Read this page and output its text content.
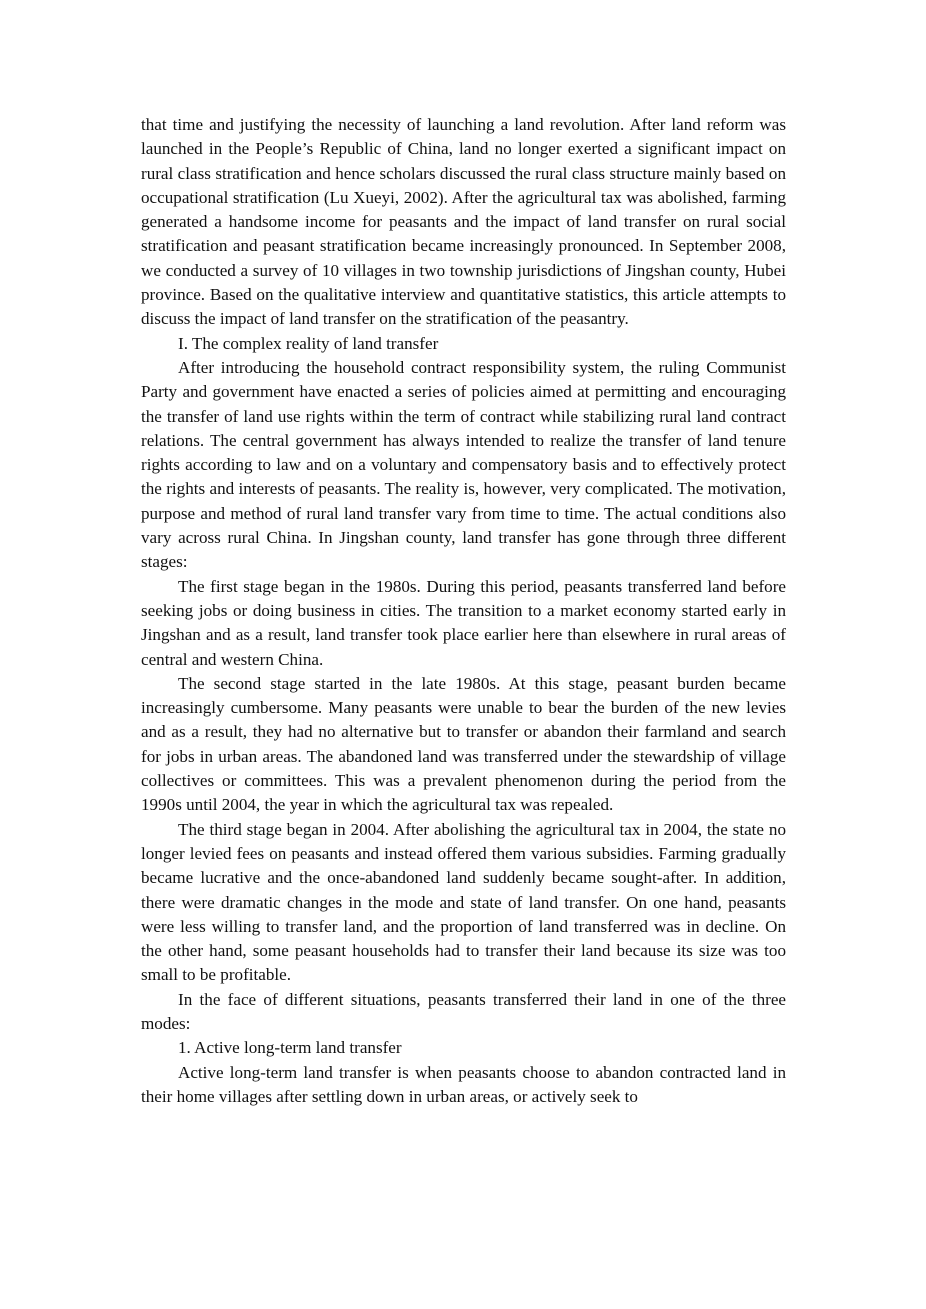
that time and justifying the necessity of launching a land revolution. After land reform was launched in the People’s Republic of China, land no longer exerted a significant impact on rural class stratification and hence scholars discussed the rural class structure mainly based on occupational stratification (Lu Xueyi, 2002). After the agricultural tax was abolished, farming generated a handsome income for peasants and the impact of land transfer on rural social stratification and peasant stratification became increasingly pronounced. In September 2008, we conducted a survey of 10 villages in two township jurisdictions of Jingshan county, Hubei province. Based on the qualitative interview and quantitative statistics, this article attempts to discuss the impact of land transfer on the stratification of the peasantry.

I. The complex reality of land transfer

After introducing the household contract responsibility system, the ruling Communist Party and government have enacted a series of policies aimed at permitting and encouraging the transfer of land use rights within the term of contract while stabilizing rural land contract relations. The central government has always intended to realize the transfer of land tenure rights according to law and on a voluntary and compensatory basis and to effectively protect the rights and interests of peasants. The reality is, however, very complicated. The motivation, purpose and method of rural land transfer vary from time to time. The actual conditions also vary across rural China. In Jingshan county, land transfer has gone through three different stages:

The first stage began in the 1980s. During this period, peasants transferred land before seeking jobs or doing business in cities. The transition to a market economy started early in Jingshan and as a result, land transfer took place earlier here than elsewhere in rural areas of central and western China.

The second stage started in the late 1980s. At this stage, peasant burden became increasingly cumbersome. Many peasants were unable to bear the burden of the new levies and as a result, they had no alternative but to transfer or abandon their farmland and search for jobs in urban areas. The abandoned land was transferred under the stewardship of village collectives or committees. This was a prevalent phenomenon during the period from the 1990s until 2004, the year in which the agricultural tax was repealed.

The third stage began in 2004. After abolishing the agricultural tax in 2004, the state no longer levied fees on peasants and instead offered them various subsidies. Farming gradually became lucrative and the once-abandoned land suddenly became sought-after. In addition, there were dramatic changes in the mode and state of land transfer. On one hand, peasants were less willing to transfer land, and the proportion of land transferred was in decline. On the other hand, some peasant households had to transfer their land because its size was too small to be profitable.

In the face of different situations, peasants transferred their land in one of the three modes:

1. Active long-term land transfer

Active long-term land transfer is when peasants choose to abandon contracted land in their home villages after settling down in urban areas, or actively seek to
